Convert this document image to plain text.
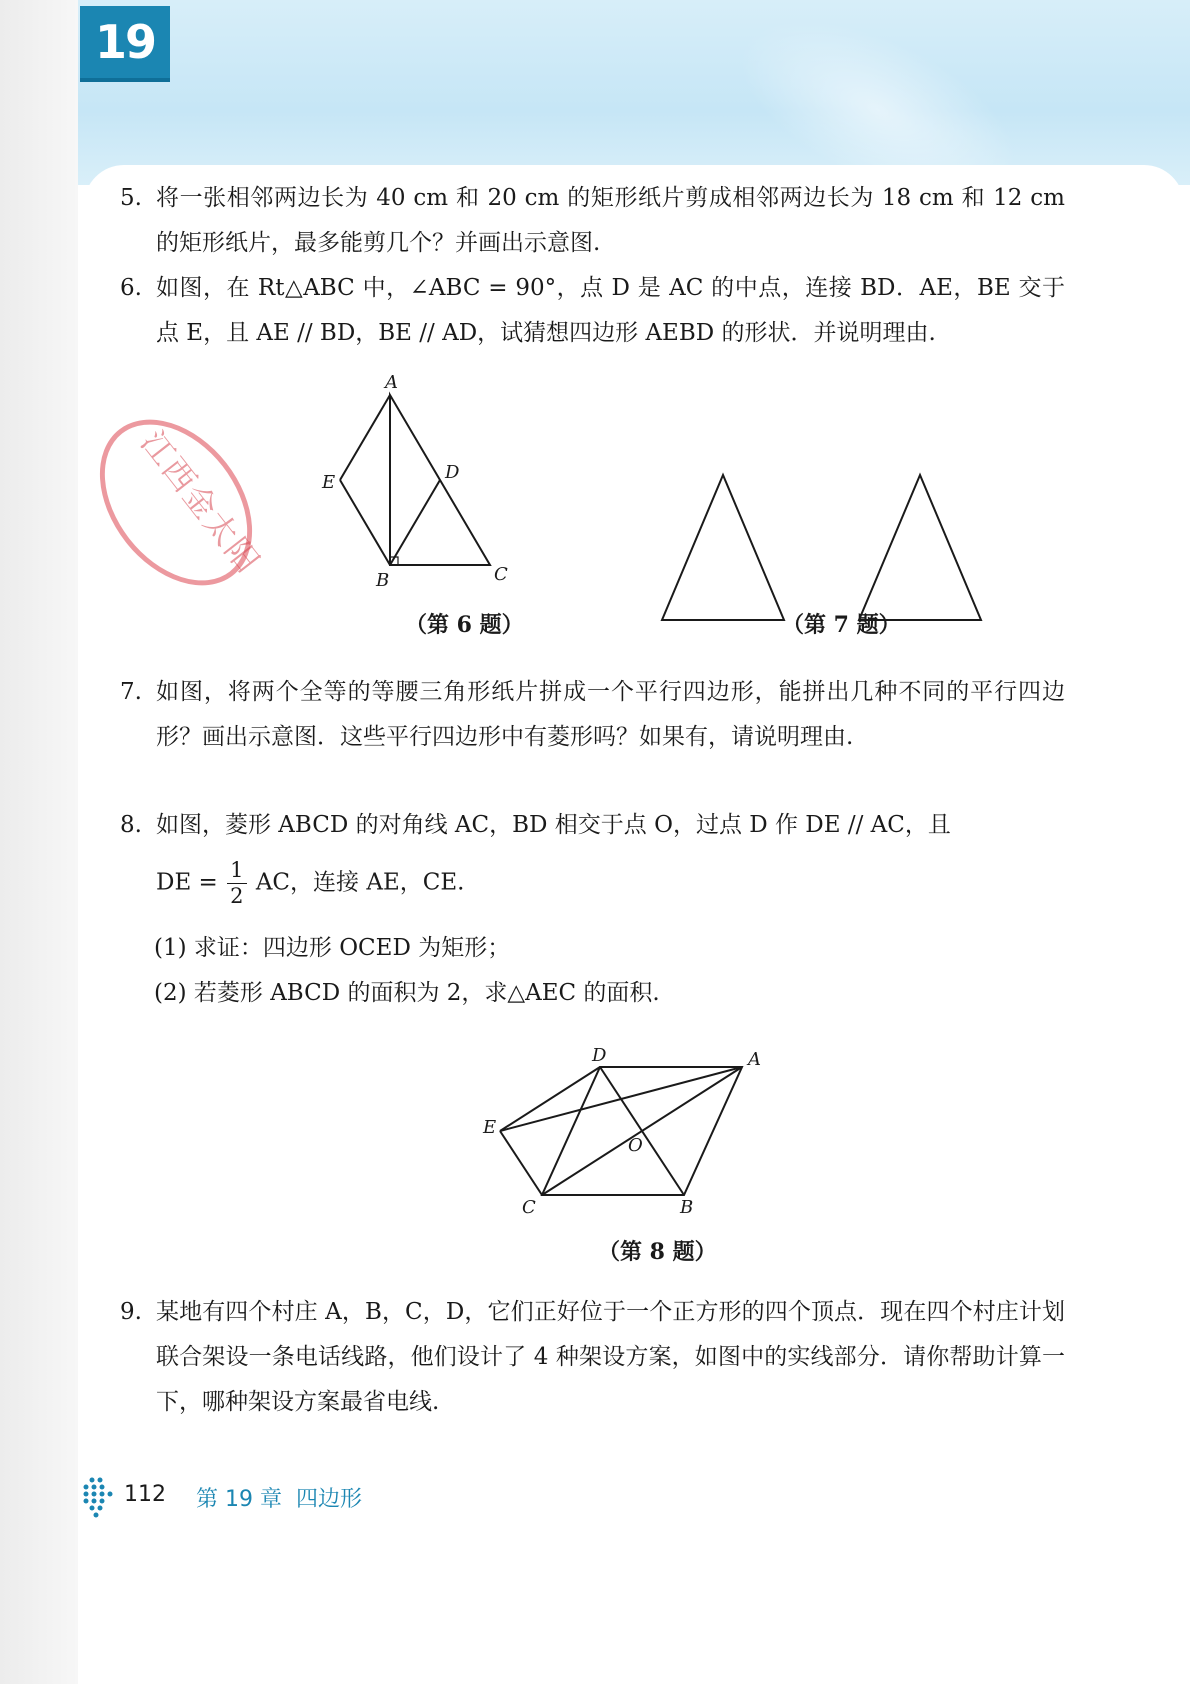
19
5. 将一张相邻两边长为 40 cm 和 20 cm 的矩形纸片剪成相邻两边长为 18 cm 和 12 cm 的矩形纸片，最多能剪几个？并画出示意图.
6. 如图，在 Rt△ABC 中，∠ABC = 90°，点 D 是 AC 的中点，连接 BD．AE，BE 交于点 E，且 AE // BD，BE // AD，试猜想四边形 AEBD 的形状．并说明理由.
江西金太阳
A
E	D
B	C
（第 6 题）	（第 7 题）
7. 如图，将两个全等的等腰三角形纸片拼成一个平行四边形，能拼出几种不同的平行四边形？画出示意图．这些平行四边形中有菱形吗？如果有，请说明理由.
8. 如图，菱形 ABCD 的对角线 AC，BD 相交于点 O，过点 D 作 DE // AC，且
DE = $\frac{1}{2}$ AC，连接 AE，CE.
(1) 求证：四边形 OCED 为矩形；
(2) 若菱形 ABCD 的面积为 2，求△AEC 的面积.
D	A
E
O
C	B
（第 8 题）
9. 某地有四个村庄 A，B，C，D，它们正好位于一个正方形的四个顶点．现在四个村庄计划联合架设一条电话线路，他们设计了 4 种架设方案，如图中的实线部分．请你帮助计算一下，哪种架设方案最省电线.
112 第 19 章 四边形
